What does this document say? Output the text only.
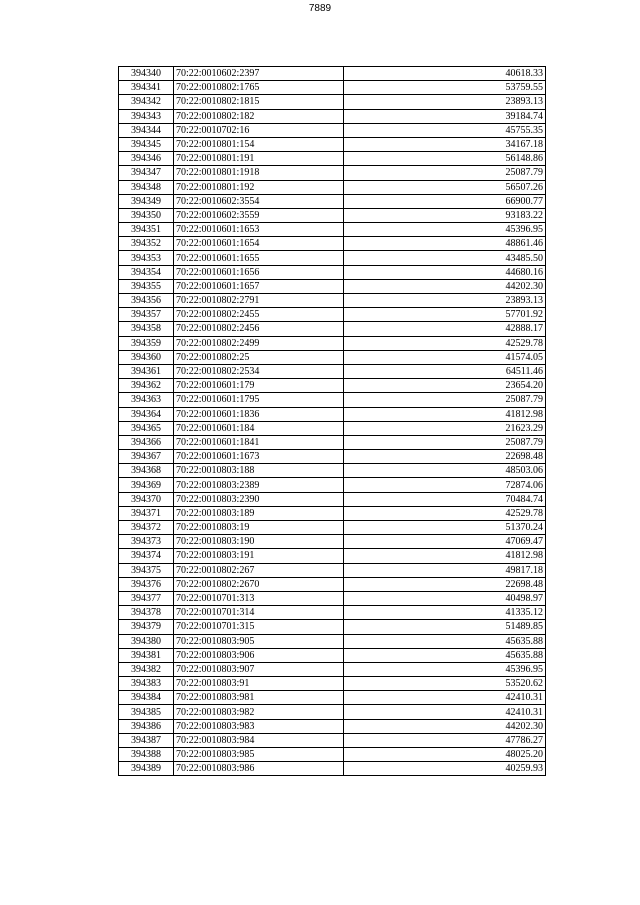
7889
394340	70:22:0010602:2397	40618.33
394341	70:22:0010802:1765	53759.55
394342	70:22:0010802:1815	23893.13
394343	70:22:0010802:182	39184.74
394344	70:22:0010702:16	45755.35
394345	70:22:0010801:154	34167.18
394346	70:22:0010801:191	56148.86
394347	70:22:0010801:1918	25087.79
394348	70:22:0010801:192	56507.26
394349	70:22:0010602:3554	66900.77
394350	70:22:0010602:3559	93183.22
394351	70:22:0010601:1653	45396.95
394352	70:22:0010601:1654	48861.46
394353	70:22:0010601:1655	43485.50
394354	70:22:0010601:1656	44680.16
394355	70:22:0010601:1657	44202.30
394356	70:22:0010802:2791	23893.13
394357	70:22:0010802:2455	57701.92
394358	70:22:0010802:2456	42888.17
394359	70:22:0010802:2499	42529.78
394360	70:22:0010802:25	41574.05
394361	70:22:0010802:2534	64511.46
394362	70:22:0010601:179	23654.20
394363	70:22:0010601:1795	25087.79
394364	70:22:0010601:1836	41812.98
394365	70:22:0010601:184	21623.29
394366	70:22:0010601:1841	25087.79
394367	70:22:0010601:1673	22698.48
394368	70:22:0010803:188	48503.06
394369	70:22:0010803:2389	72874.06
394370	70:22:0010803:2390	70484.74
394371	70:22:0010803:189	42529.78
394372	70:22:0010803:19	51370.24
394373	70:22:0010803:190	47069.47
394374	70:22:0010803:191	41812.98
394375	70:22:0010802:267	49817.18
394376	70:22:0010802:2670	22698.48
394377	70:22:0010701:313	40498.97
394378	70:22:0010701:314	41335.12
394379	70:22:0010701:315	51489.85
394380	70:22:0010803:905	45635.88
394381	70:22:0010803:906	45635.88
394382	70:22:0010803:907	45396.95
394383	70:22:0010803:91	53520.62
394384	70:22:0010803:981	42410.31
394385	70:22:0010803:982	42410.31
394386	70:22:0010803:983	44202.30
394387	70:22:0010803:984	47786.27
394388	70:22:0010803:985	48025.20
394389	70:22:0010803:986	40259.93
